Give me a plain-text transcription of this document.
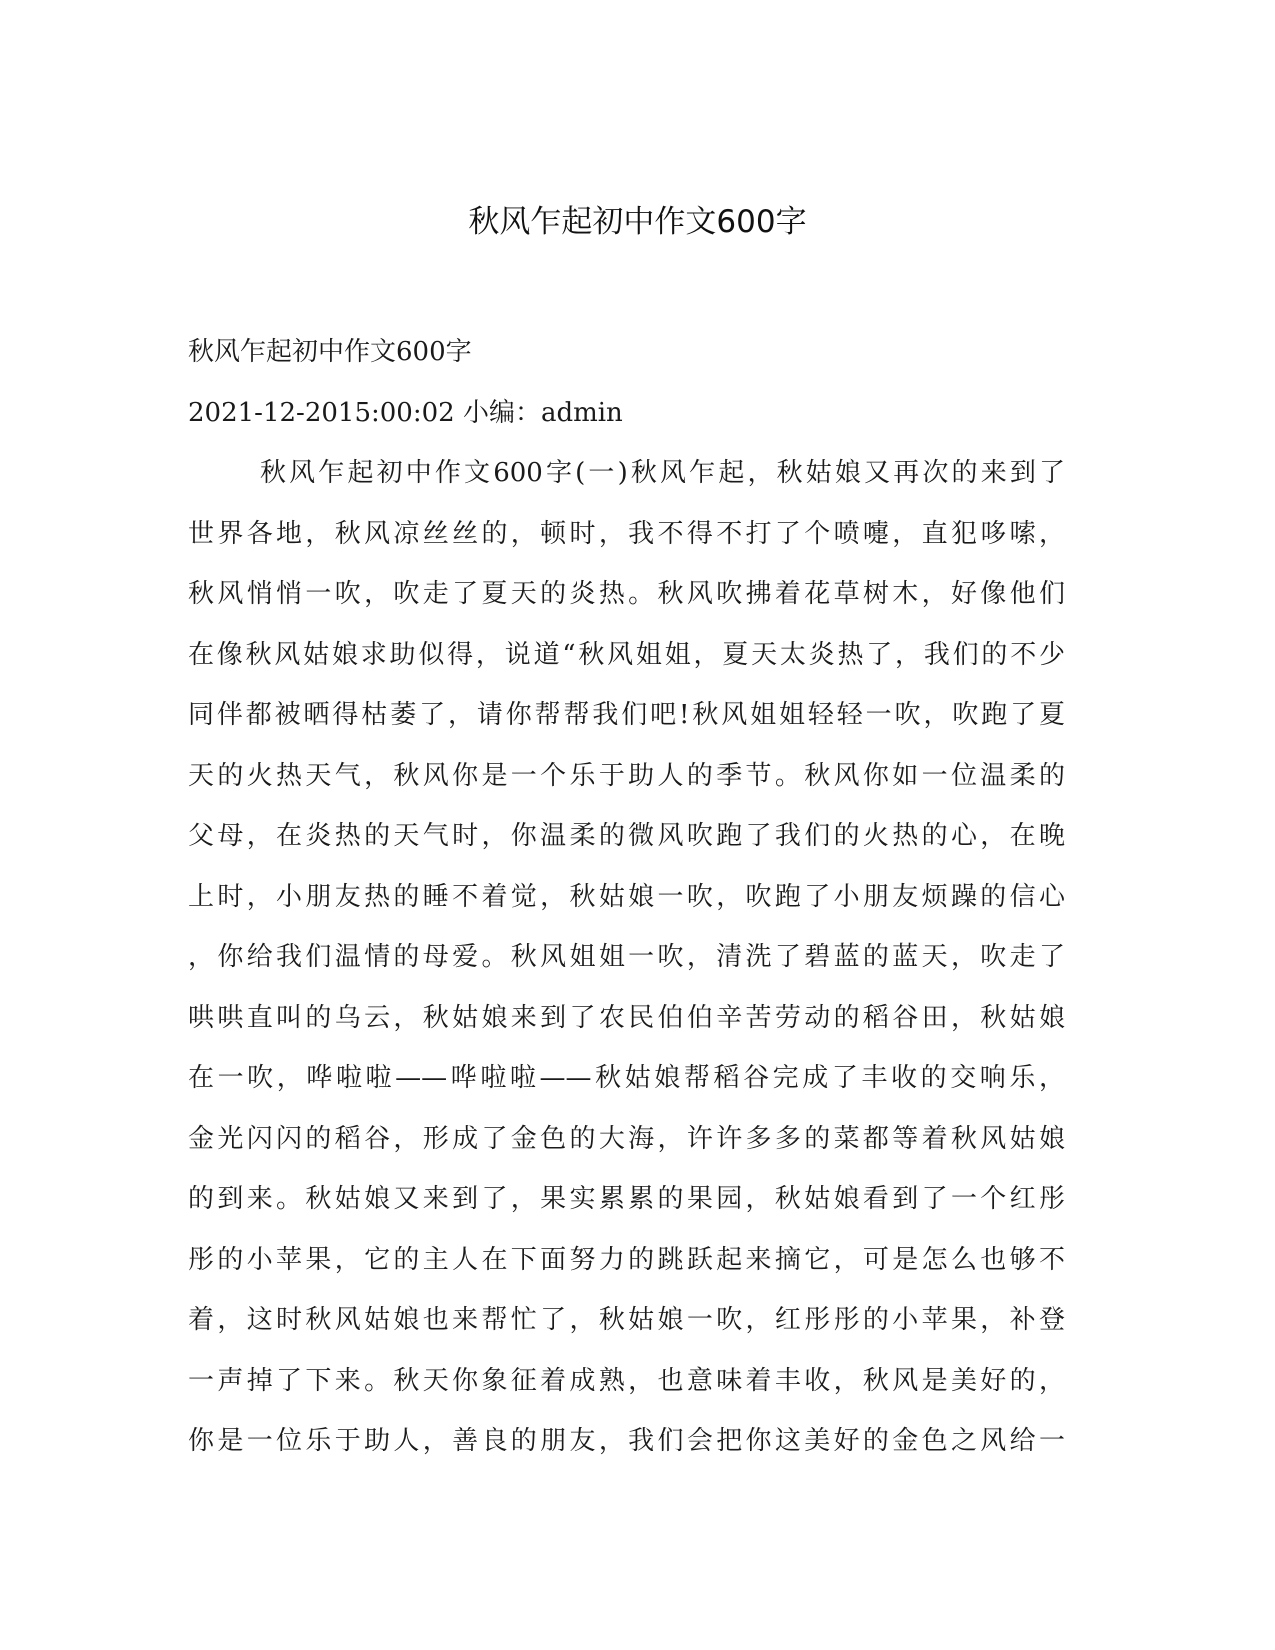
秋风乍起初中作文600字
秋风乍起初中作文600字
2021-12-2015:00:02 小编：admin
秋风乍起初中作文600字(一)秋风乍起，秋姑娘又再次的来到了
世界各地，秋风凉丝丝的，顿时，我不得不打了个喷嚏，直犯哆嗦，
秋风悄悄一吹，吹走了夏天的炎热。秋风吹拂着花草树木，好像他们
在像秋风姑娘求助似得，说道“秋风姐姐，夏天太炎热了，我们的不少
同伴都被晒得枯萎了，请你帮帮我们吧!秋风姐姐轻轻一吹，吹跑了夏
天的火热天气，秋风你是一个乐于助人的季节。秋风你如一位温柔的
父母，在炎热的天气时，你温柔的微风吹跑了我们的火热的心，在晚
上时，小朋友热的睡不着觉，秋姑娘一吹，吹跑了小朋友烦躁的信心
，你给我们温情的母爱。秋风姐姐一吹，清洗了碧蓝的蓝天，吹走了
哄哄直叫的乌云，秋姑娘来到了农民伯伯辛苦劳动的稻谷田，秋姑娘
在一吹，哗啦啦——哗啦啦——秋姑娘帮稻谷完成了丰收的交响乐，
金光闪闪的稻谷，形成了金色的大海，许许多多的菜都等着秋风姑娘
的到来。秋姑娘又来到了，果实累累的果园，秋姑娘看到了一个红彤
彤的小苹果，它的主人在下面努力的跳跃起来摘它，可是怎么也够不
着，这时秋风姑娘也来帮忙了，秋姑娘一吹，红彤彤的小苹果，补登
一声掉了下来。秋天你象征着成熟，也意味着丰收，秋风是美好的，
你是一位乐于助人，善良的朋友，我们会把你这美好的金色之风给一
